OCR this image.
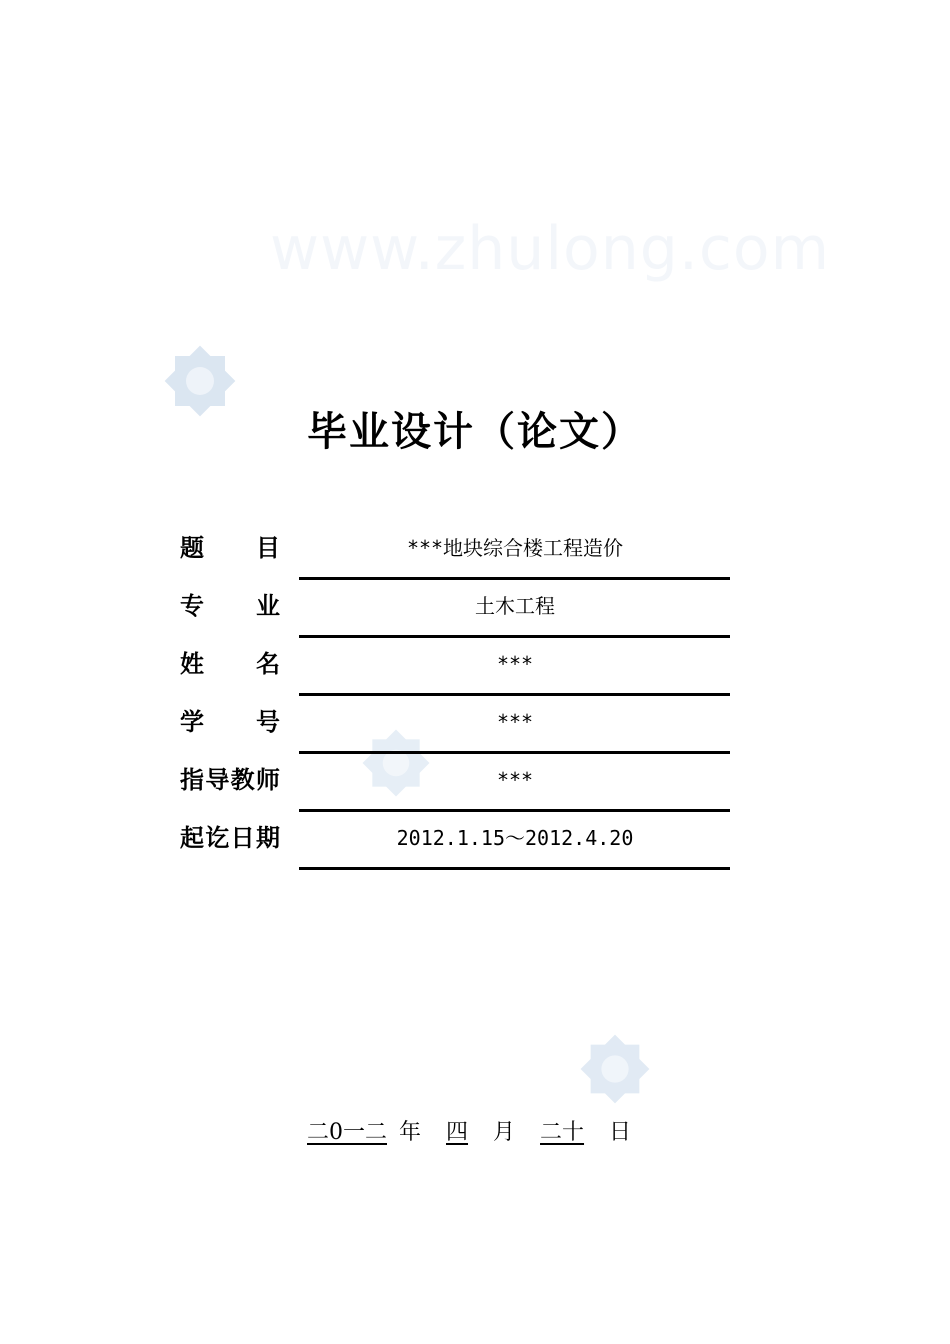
www.zhulong.com
毕业设计（论文）
题 目	***地块综合楼工程造价
专 业	土木工程
姓 名	***
学 号	***
指 导 教 师	***
起 讫 日 期	2012.1.15～2012.4.20
二0一二 年	四	月	二十	日
